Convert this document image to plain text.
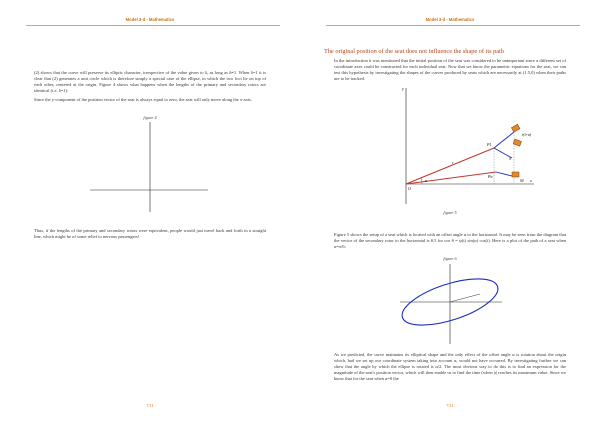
Model 3-d - Mathematics
(2) shows that the curve will preserve its elliptic character, irrespective of the value given to δ, as long as δ≠1. When δ=1 it is clear that (2) generates a unit circle which is therefore simply a special case of the ellipse, in which the two foci lie on top of each other, centered at the origin. Figure 4 shows what happens when the lengths of the primary and secondary rotors are identical (i.e. δ=1):
Since the y-component of the position vector of the seat is always equal to zero, the seat will only move along the x-axis.
figure 4
Thus, if the lengths of the primary and secondary rotors were equivalent, people would just travel back and forth in a straight line, which might be of some relief to nervous passengers!
7/11
Model 3-d - Mathematics
The original position of the seat does not influence the shape of its path
In the introduction it was mentioned that the initial position of the seat was considered to be unimportant since a different set of coordinate axes could be constructed for each individual seat. Now that we know the parametric equations for the seat, we can test this hypothesis by investigating the shapes of the curves produced by seats which are necessarily at (1.5,0) when their paths are to be tracked.
y
x
O
P1
Pa
S
ṙ(t+α)
S0
α
r
figure 5
Figure 5 shows the setup of a seat which is located with an offset angle α to the horizontal. It may be seen from the diagram that the vector of the secondary rotor to the horizontal is θ.5 for cos θ = ψ(t) sin(α) cos(t). Here is a plot of the path of a seat when α=π/6:
figure 6
As we predicted, the curve maintains its elliptical shape and the only effect of the offset angle α is rotation about the origin which, had we set up our coordinate system taking into account α, would not have occurred. By investigating further we can show that the angle by which the ellipse is rotated is α/2. The most obvious way to do this is to find an expression for the magnitude of the seat's position vector, which will then enable us to find the time (when |r| reaches its maximum value. Since we know that for the seat when α=0 the
7/11
